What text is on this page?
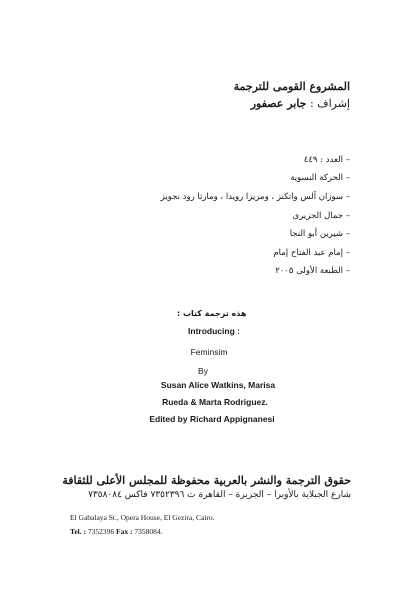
المشروع القومى للترجمة
إشراف : جابر عصفور
– العدد : ٤٤٩
– الحركة النسوية
– سوزان آلس واتكنز ، ومريزا رويدا ، ومارتا رود نجويز
– جمال الجزيرى
– شيرين أبو النجا
– إمام عبد الفتاح إمام
– الطبعة الأولى ٢٠٠٥
هذه ترجمة كتاب :
Introducing :
Feminsim
By
Susan Alice Watkins, Marisa
Rueda & Marta Rodriguez.
Edited by Richard Appignanesi
حقوق الترجمة والنشر بالعربية محفوظة للمجلس الأعلى للثقافة
شارع الجبلاية بالأوبرا – الجزيرة – القاهرة ت ٧٣٥٢٣٩٦ فاكس ٧٣٥٨٠٨٤
El Gabalaya St., Opera House, El Gezira, Cairo.
Tel. : 7352396 Fax : 7358084.
